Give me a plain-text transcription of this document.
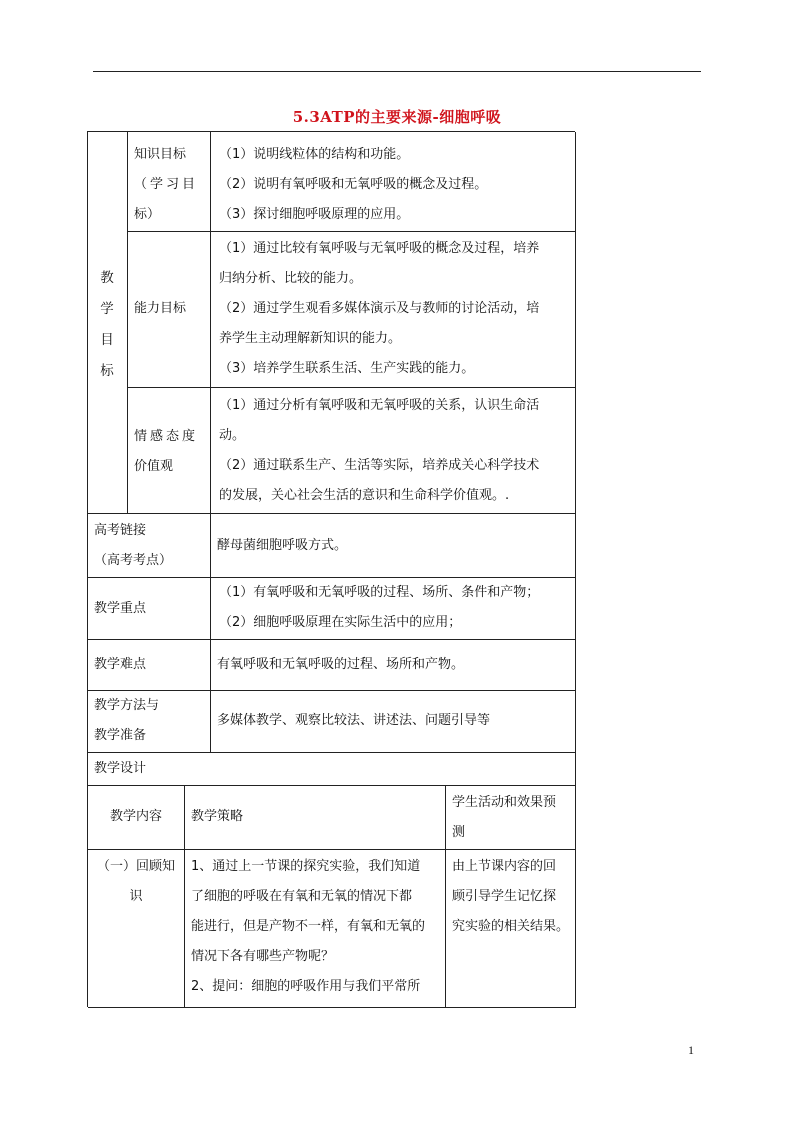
5.3ATP的主要来源-细胞呼吸
教
学
目
标
知识目标
（学习目
标）
（1）说明线粒体的结构和功能。
（2）说明有氧呼吸和无氧呼吸的概念及过程。
（3）探讨细胞呼吸原理的应用。
能力目标
（1）通过比较有氧呼吸与无氧呼吸的概念及过程，培养
归纳分析、比较的能力。
（2）通过学生观看多媒体演示及与教师的讨论活动，培
养学生主动理解新知识的能力。
（3）培养学生联系生活、生产实践的能力。
情感态度
价值观
（1）通过分析有氧呼吸和无氧呼吸的关系，认识生命活
动。
（2）通过联系生产、生活等实际，培养成关心科学技术
的发展，关心社会生活的意识和生命科学价值观。.
高考链接
（高考考点）
酵母菌细胞呼吸方式。
教学重点
（1）有氧呼吸和无氧呼吸的过程、场所、条件和产物；
（2）细胞呼吸原理在实际生活中的应用；
教学难点	有氧呼吸和无氧呼吸的过程、场所和产物。
教学方法与
教学准备
多媒体教学、观察比较法、讲述法、问题引导等
教学设计
教学内容	教学策略
学生活动和效果预
测
（一）回顾知
识
1、通过上一节课的探究实验，我们知道
了细胞的呼吸在有氧和无氧的情况下都
能进行，但是产物不一样，有氧和无氧的
情况下各有哪些产物呢？
2、提问：细胞的呼吸作用与我们平常所
由上节课内容的回
顾引导学生记忆探
究实验的相关结果。
1
